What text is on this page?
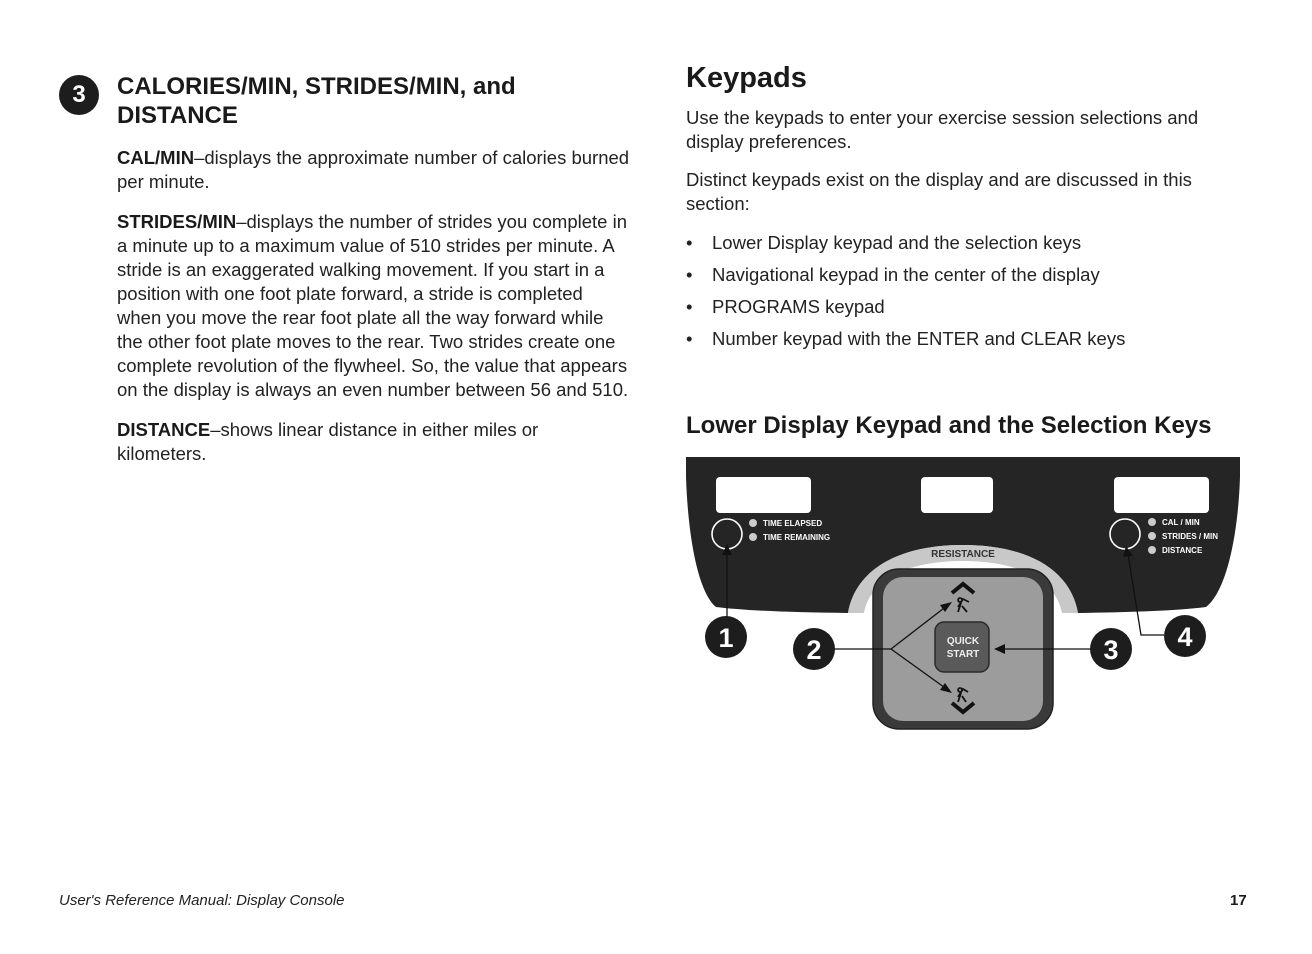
3	CALORIES/MIN, STRIDES/MIN, and DISTANCE

CAL/MIN–displays the approximate number of calories burned per minute.

STRIDES/MIN–displays the number of strides you complete in a minute up to a maximum value of 510 strides per minute. A stride is an exaggerated walking movement. If you start in a position with one foot plate forward, a stride is completed when you move the rear foot plate all the way forward while the other foot plate moves to the rear. Two strides create one complete revolution of the flywheel. So, the value that appears on the display is always an even number between 56 and 510.

DISTANCE–shows linear distance in either miles or kilometers.

Keypads

Use the keypads to enter your exercise session selections and display preferences.

Distinct keypads exist on the display and are discussed in this section:

• Lower Display keypad and the selection keys
• Navigational keypad in the center of the display
• PROGRAMS keypad
• Number keypad with the ENTER and CLEAR keys
Lower Display Keypad and the Selection Keys
TIME ELAPSED
TIME REMAINING
CAL / MIN
STRIDES / MIN
DISTANCE
RESISTANCE
QUICK
START
1	2	3 4
User's Reference Manual: Display Console	17
